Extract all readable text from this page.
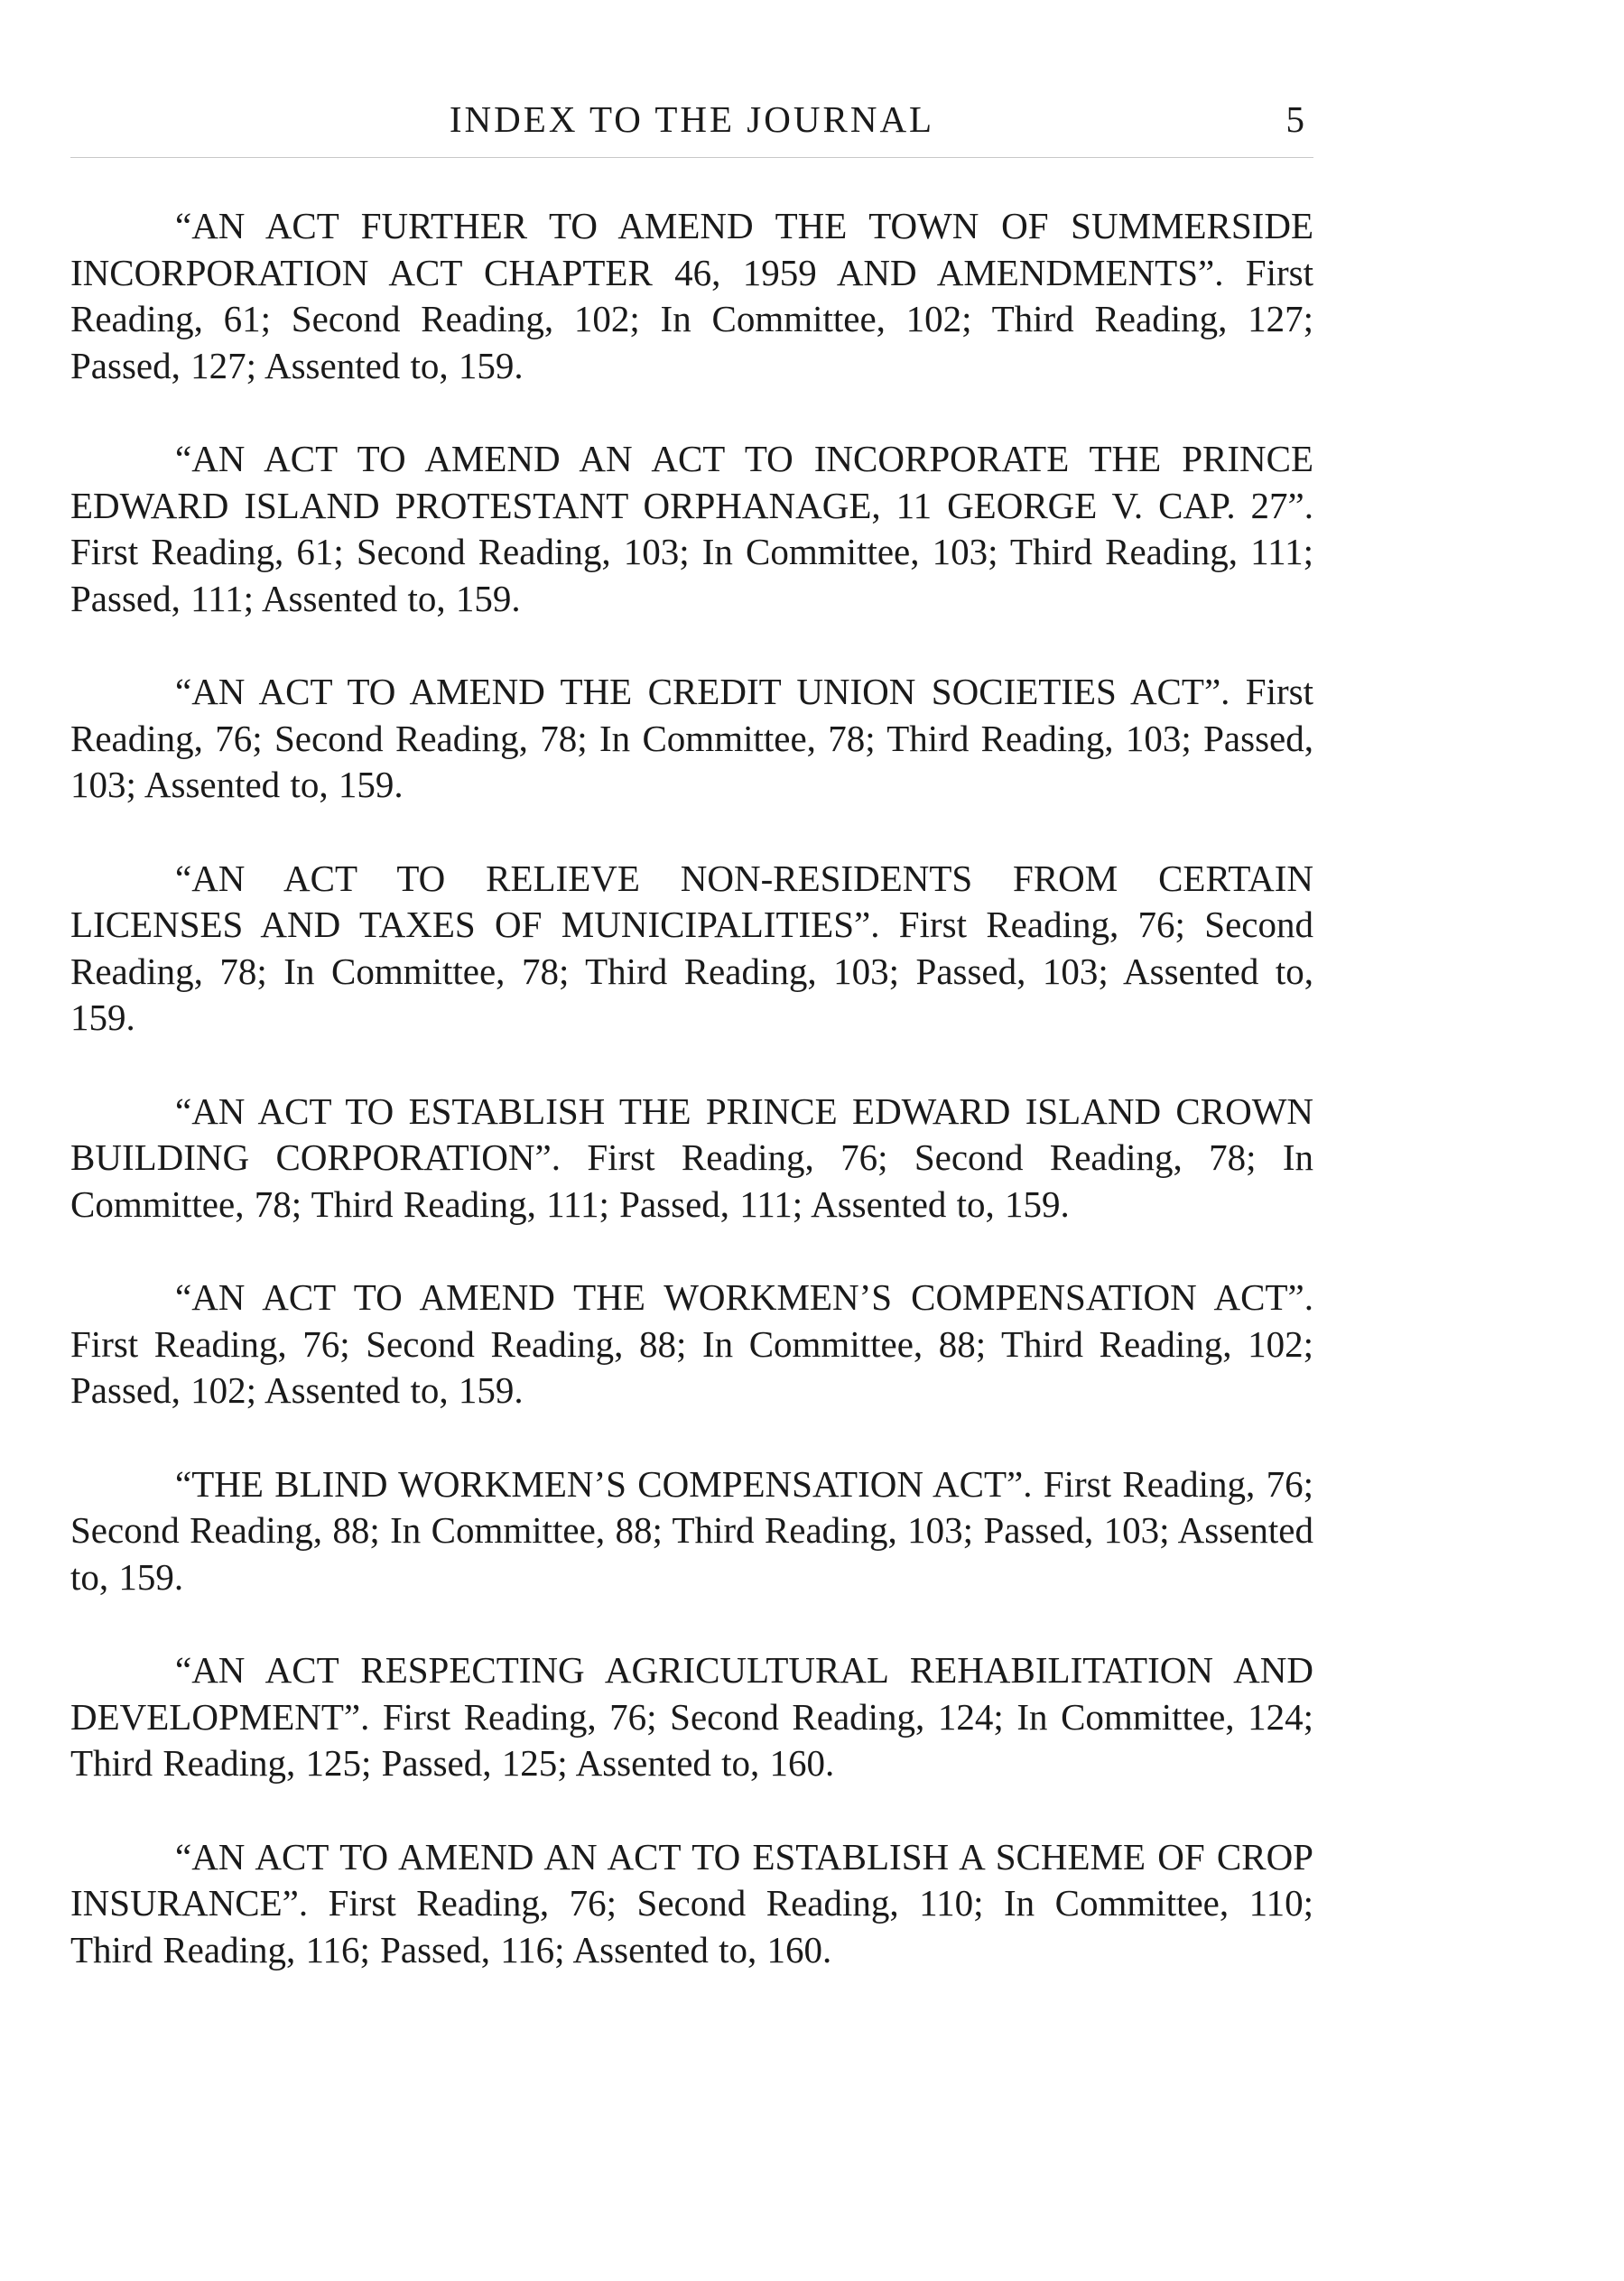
INDEX TO THE JOURNAL	5

“AN ACT FURTHER TO AMEND THE TOWN OF SUMMERSIDE INCORPORATION ACT CHAPTER 46, 1959 AND AMENDMENTS”. First Reading, 61; Second Reading, 102; In Committee, 102; Third Reading, 127; Passed, 127; Assented to, 159.

“AN ACT TO AMEND AN ACT TO INCORPORATE THE PRINCE EDWARD ISLAND PROTESTANT ORPHANAGE, 11 GEORGE V. CAP. 27”. First Reading, 61; Second Reading, 103; In Committee, 103; Third Reading, 111; Passed, 111; Assented to, 159.

“AN ACT TO AMEND THE CREDIT UNION SOCIETIES ACT”. First Reading, 76; Second Reading, 78; In Committee, 78; Third Reading, 103; Passed, 103; Assented to, 159.

“AN ACT TO RELIEVE NON-RESIDENTS FROM CERTAIN LICENSES AND TAXES OF MUNICIPALITIES”. First Reading, 76; Second Reading, 78; In Committee, 78; Third Reading, 103; Passed, 103; Assented to, 159.

“AN ACT TO ESTABLISH THE PRINCE EDWARD ISLAND CROWN BUILDING CORPORATION”. First Reading, 76; Second Reading, 78; In Committee, 78; Third Reading, 111; Passed, 111; Assented to, 159.

“AN ACT TO AMEND THE WORKMEN’S COMPENSATION ACT”. First Reading, 76; Second Reading, 88; In Committee, 88; Third Reading, 102; Passed, 102; Assented to, 159.

“THE BLIND WORKMEN’S COMPENSATION ACT”. First Reading, 76; Second Reading, 88; In Committee, 88; Third Reading, 103; Passed, 103; Assented to, 159.

“AN ACT RESPECTING AGRICULTURAL REHABILITATION AND DEVELOPMENT”. First Reading, 76; Second Reading, 124; In Committee, 124; Third Reading, 125; Passed, 125; Assented to, 160.

“AN ACT TO AMEND AN ACT TO ESTABLISH A SCHEME OF CROP INSURANCE”. First Reading, 76; Second Reading, 110; In Committee, 110; Third Reading, 116; Passed, 116; Assented to, 160.
